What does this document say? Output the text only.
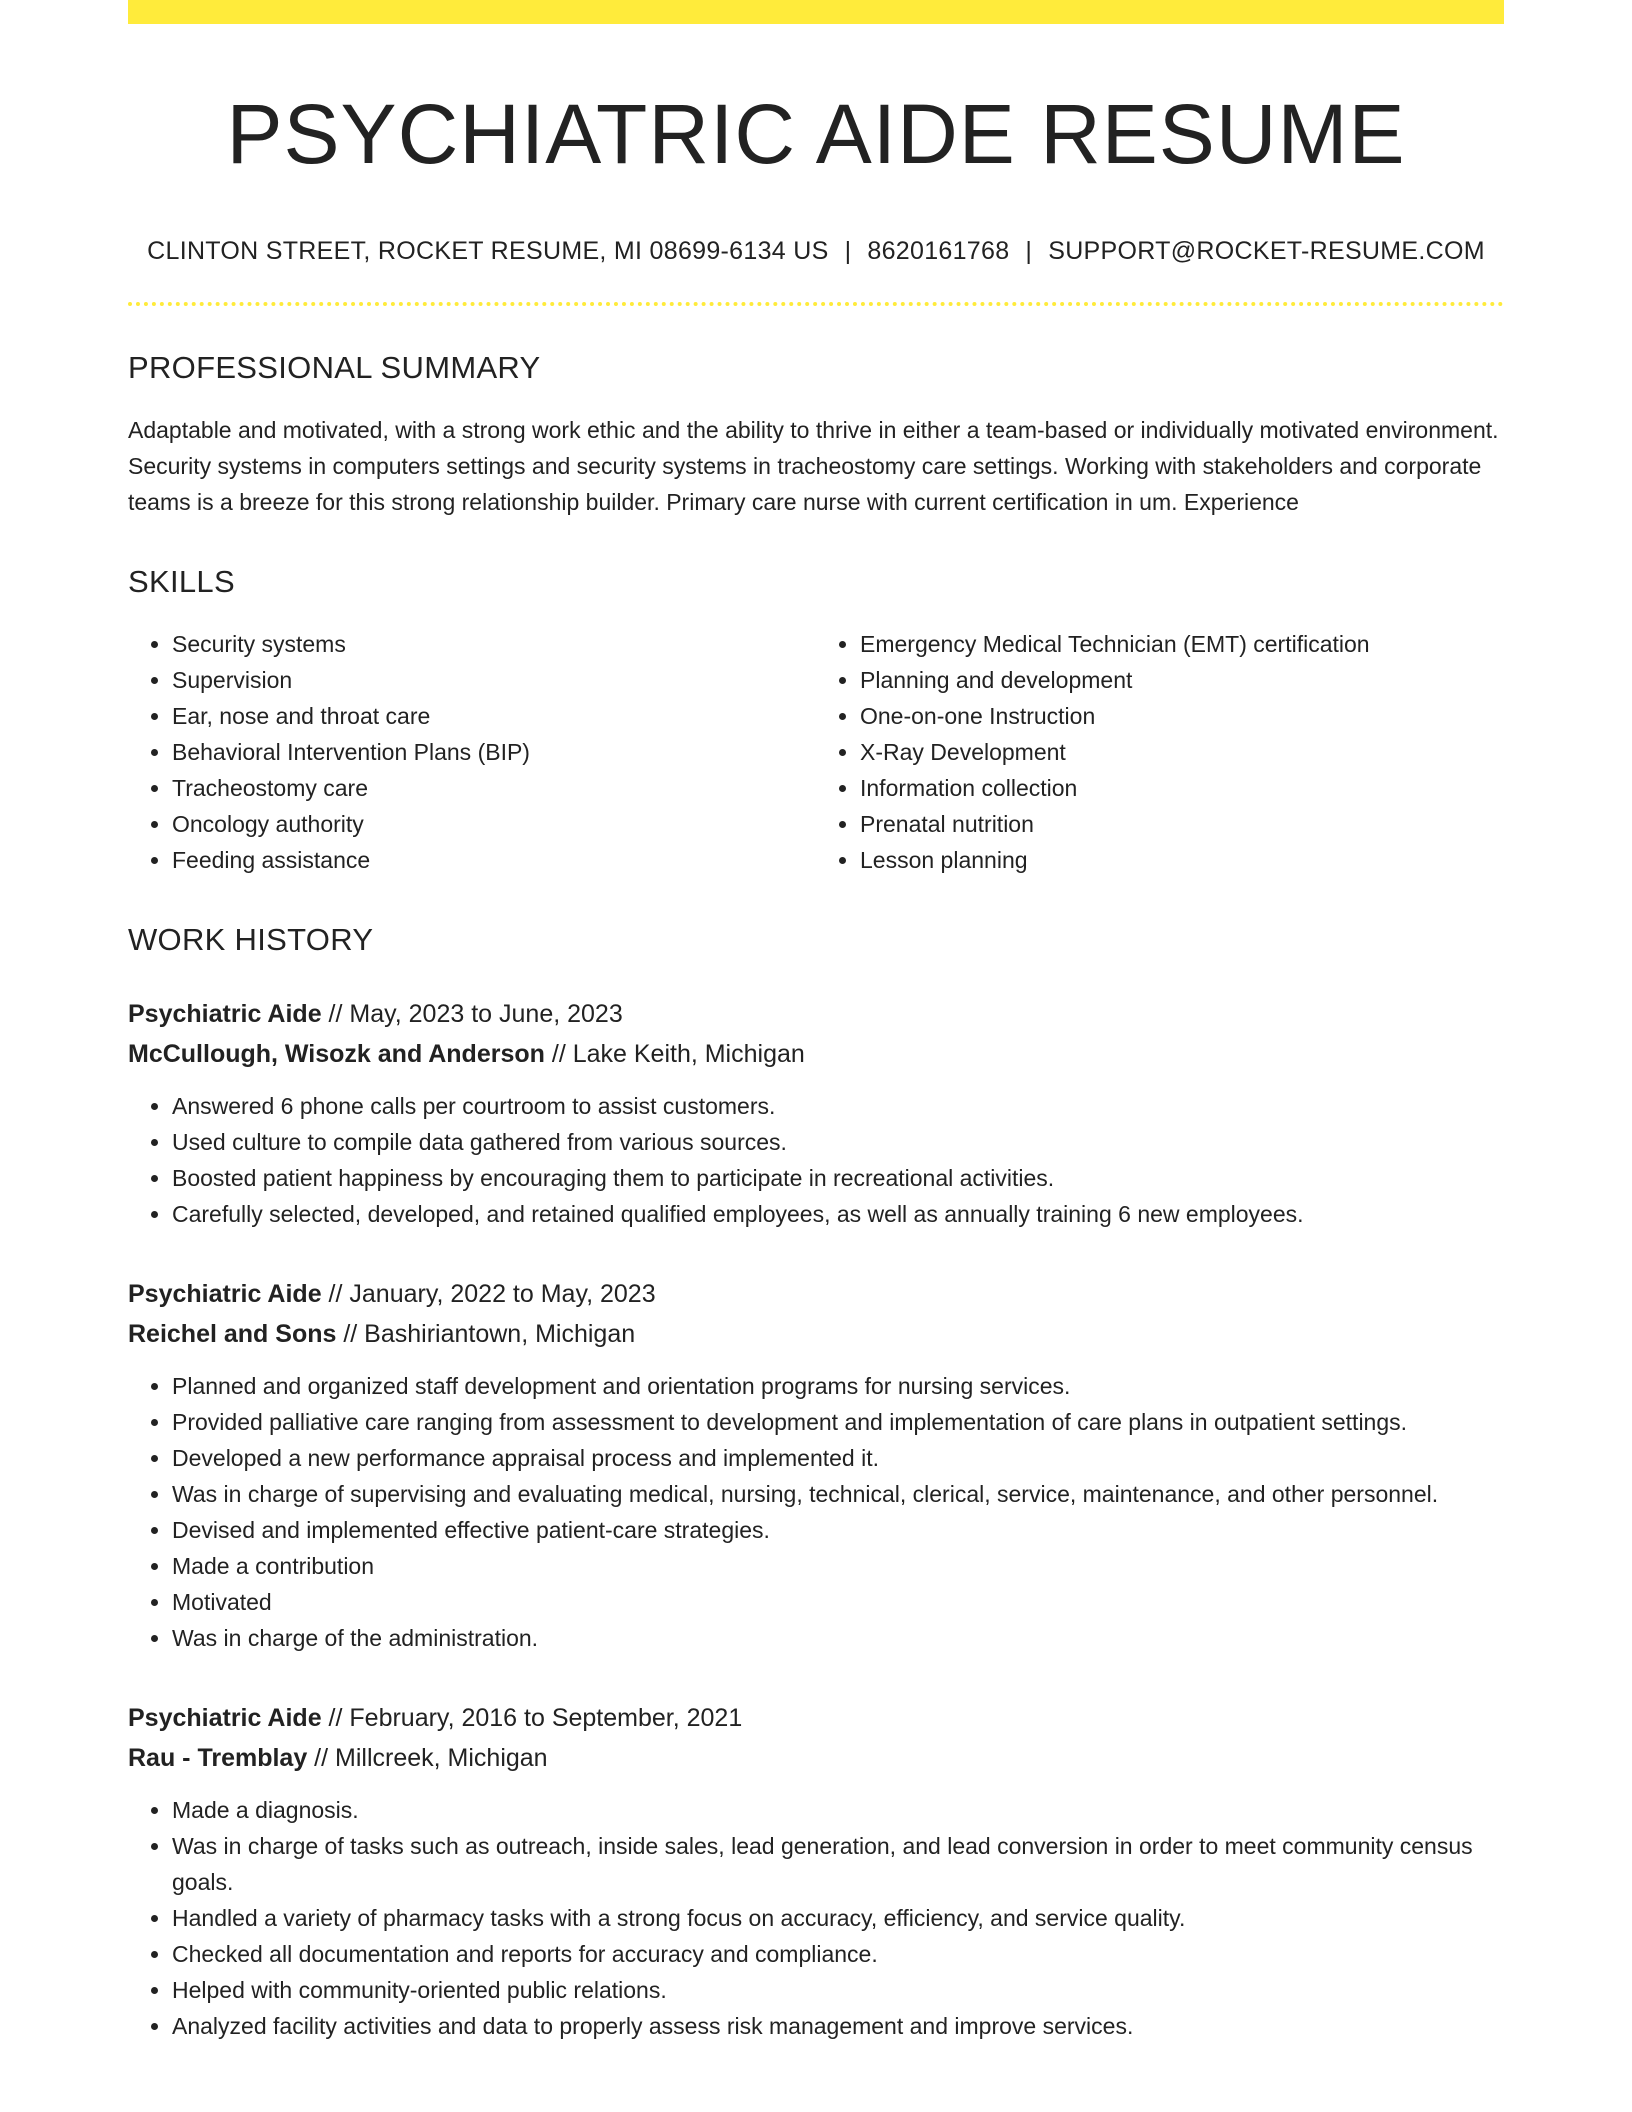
PSYCHIATRIC AIDE RESUME
CLINTON STREET, ROCKET RESUME, MI 08699-6134 US | 8620161768 | SUPPORT@ROCKET-RESUME.COM
PROFESSIONAL SUMMARY

Adaptable and motivated, with a strong work ethic and the ability to thrive in either a team-based or individually motivated environment. Security systems in computers settings and security systems in tracheostomy care settings. Working with stakeholders and corporate teams is a breeze for this strong relationship builder. Primary care nurse with current certification in um. Experience

SKILLS
• Security systems
• Supervision
• Ear, nose and throat care
• Behavioral Intervention Plans (BIP)
• Tracheostomy care
• Oncology authority
• Feeding assistance
• Emergency Medical Technician (EMT) certification
• Planning and development
• One-on-one Instruction
• X-Ray Development
• Information collection
• Prenatal nutrition
• Lesson planning
WORK HISTORY
Psychiatric Aide // May, 2023 to June, 2023
McCullough, Wisozk and Anderson // Lake Keith, Michigan
• Answered 6 phone calls per courtroom to assist customers.
• Used culture to compile data gathered from various sources.
• Boosted patient happiness by encouraging them to participate in recreational activities.
• Carefully selected, developed, and retained qualified employees, as well as annually training 6 new employees.
Psychiatric Aide // January, 2022 to May, 2023
Reichel and Sons // Bashiriantown, Michigan
• Planned and organized staff development and orientation programs for nursing services.
• Provided palliative care ranging from assessment to development and implementation of care plans in outpatient settings.
• Developed a new performance appraisal process and implemented it.
• Was in charge of supervising and evaluating medical, nursing, technical, clerical, service, maintenance, and other personnel.
• Devised and implemented effective patient-care strategies.
• Made a contribution
• Motivated
• Was in charge of the administration.
Psychiatric Aide // February, 2016 to September, 2021
Rau - Tremblay // Millcreek, Michigan
• Made a diagnosis.
• Was in charge of tasks such as outreach, inside sales, lead generation, and lead conversion in order to meet community census goals.
• Handled a variety of pharmacy tasks with a strong focus on accuracy, efficiency, and service quality.
• Checked all documentation and reports for accuracy and compliance.
• Helped with community-oriented public relations.
• Analyzed facility activities and data to properly assess risk management and improve services.
